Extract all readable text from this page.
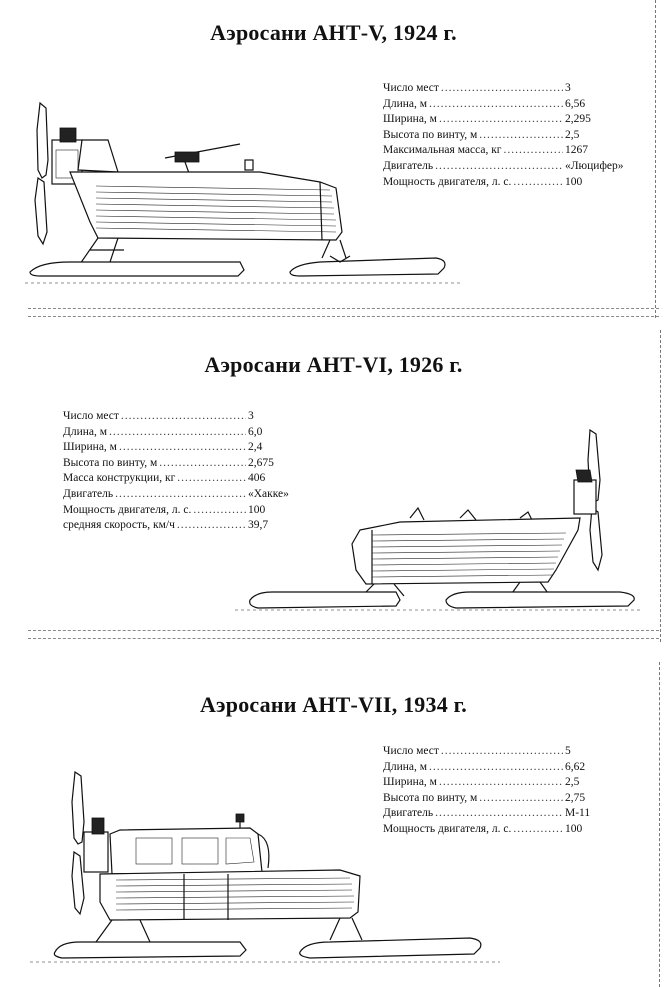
Аэросани АНТ-V, 1924 г.
Число мест .....	3
Длина, м .....	6,56
Ширина, м .....	2,295
Высота по винту, м .....	2,5
Максимальная масса, кг .....	1267
Двигатель .....	«Люцифер»
Мощность двигателя, л. с. .....	100
Аэросани АНТ-VI, 1926 г.
Число мест .....	3
Длина, м .....	6,0
Ширина, м .....	2,4
Высота по винту, м .....	2,675
Масса конструкции, кг .....	406
Двигатель .....	«Хакке»
Мощность двигателя, л. с. .....	100
средняя скорость, км/ч .....	39,7
Аэросани АНТ-VII, 1934 г.
Число мест .....	5
Длина, м .....	6,62
Ширина, м .....	2,5
Высота по винту, м .....	2,75
Двигатель .....	М-11
Мощность двигателя, л. с. .....	100
